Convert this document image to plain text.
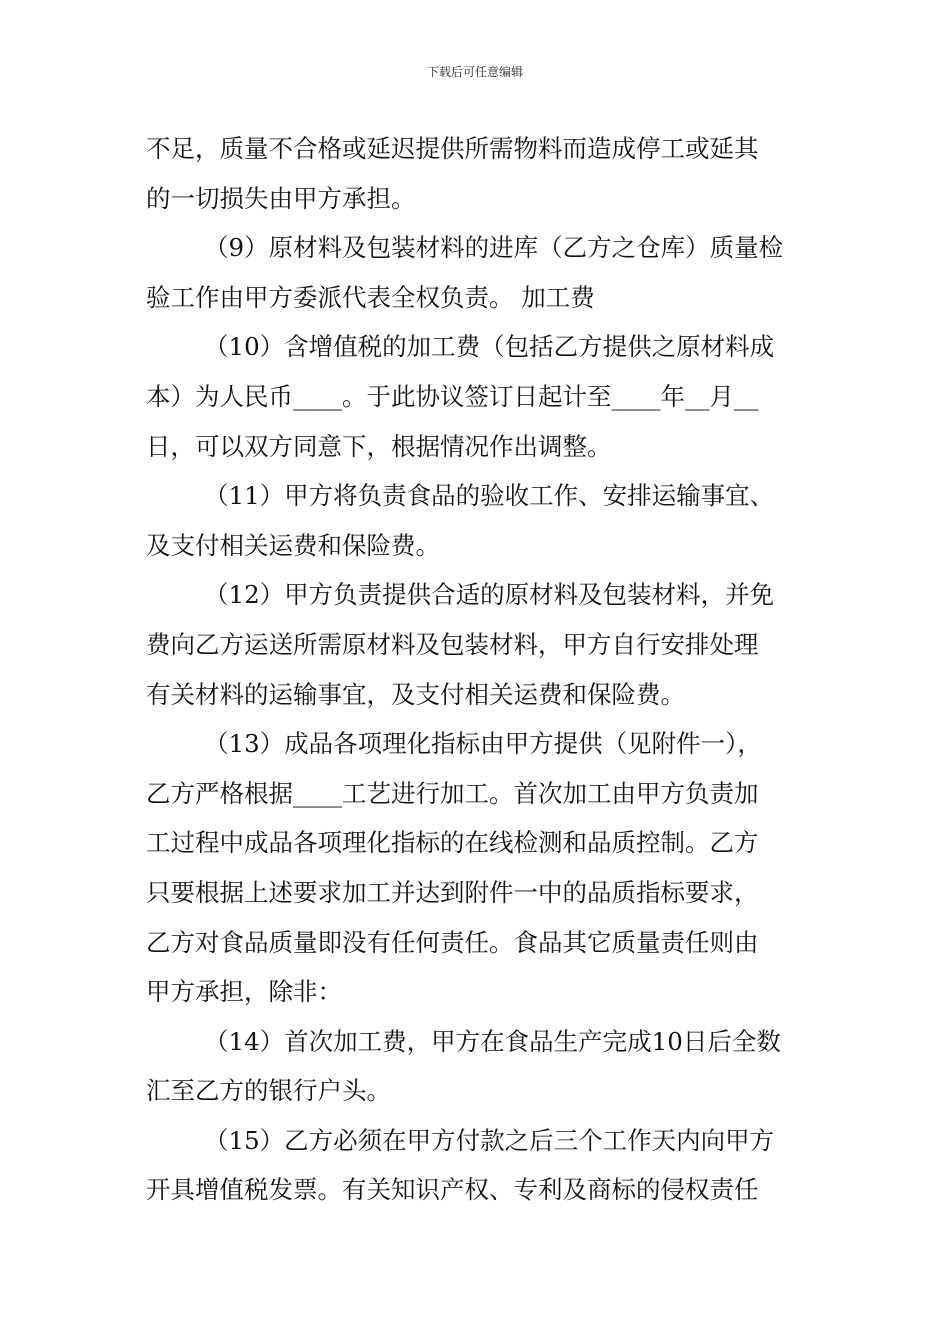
下载后可任意编辑

不足，质量不合格或延迟提供所需物料而造成停工或延其
的一切损失由甲方承担。

（9）原材料及包装材料的进库（乙方之仓库）质量检
验工作由甲方委派代表全权负责。 加工费

（10）含增值税的加工费（包括乙方提供之原材料成
本）为人民币____。于此协议签订日起计至____年__月__
日，可以双方同意下，根据情况作出调整。

（11）甲方将负责食品的验收工作、安排运输事宜、
及支付相关运费和保险费。

（12）甲方负责提供合适的原材料及包装材料，并免
费向乙方运送所需原材料及包装材料，甲方自行安排处理
有关材料的运输事宜，及支付相关运费和保险费。

（13）成品各项理化指标由甲方提供（见附件一），
乙方严格根据____工艺进行加工。首次加工由甲方负责加
工过程中成品各项理化指标的在线检测和品质控制。乙方
只要根据上述要求加工并达到附件一中的品质指标要求，
乙方对食品质量即没有任何责任。食品其它质量责任则由
甲方承担，除非：

（14）首次加工费，甲方在食品生产完成10日后全数
汇至乙方的银行户头。

（15）乙方必须在甲方付款之后三个工作天内向甲方
开具增值税发票。有关知识产权、专利及商标的侵权责任
